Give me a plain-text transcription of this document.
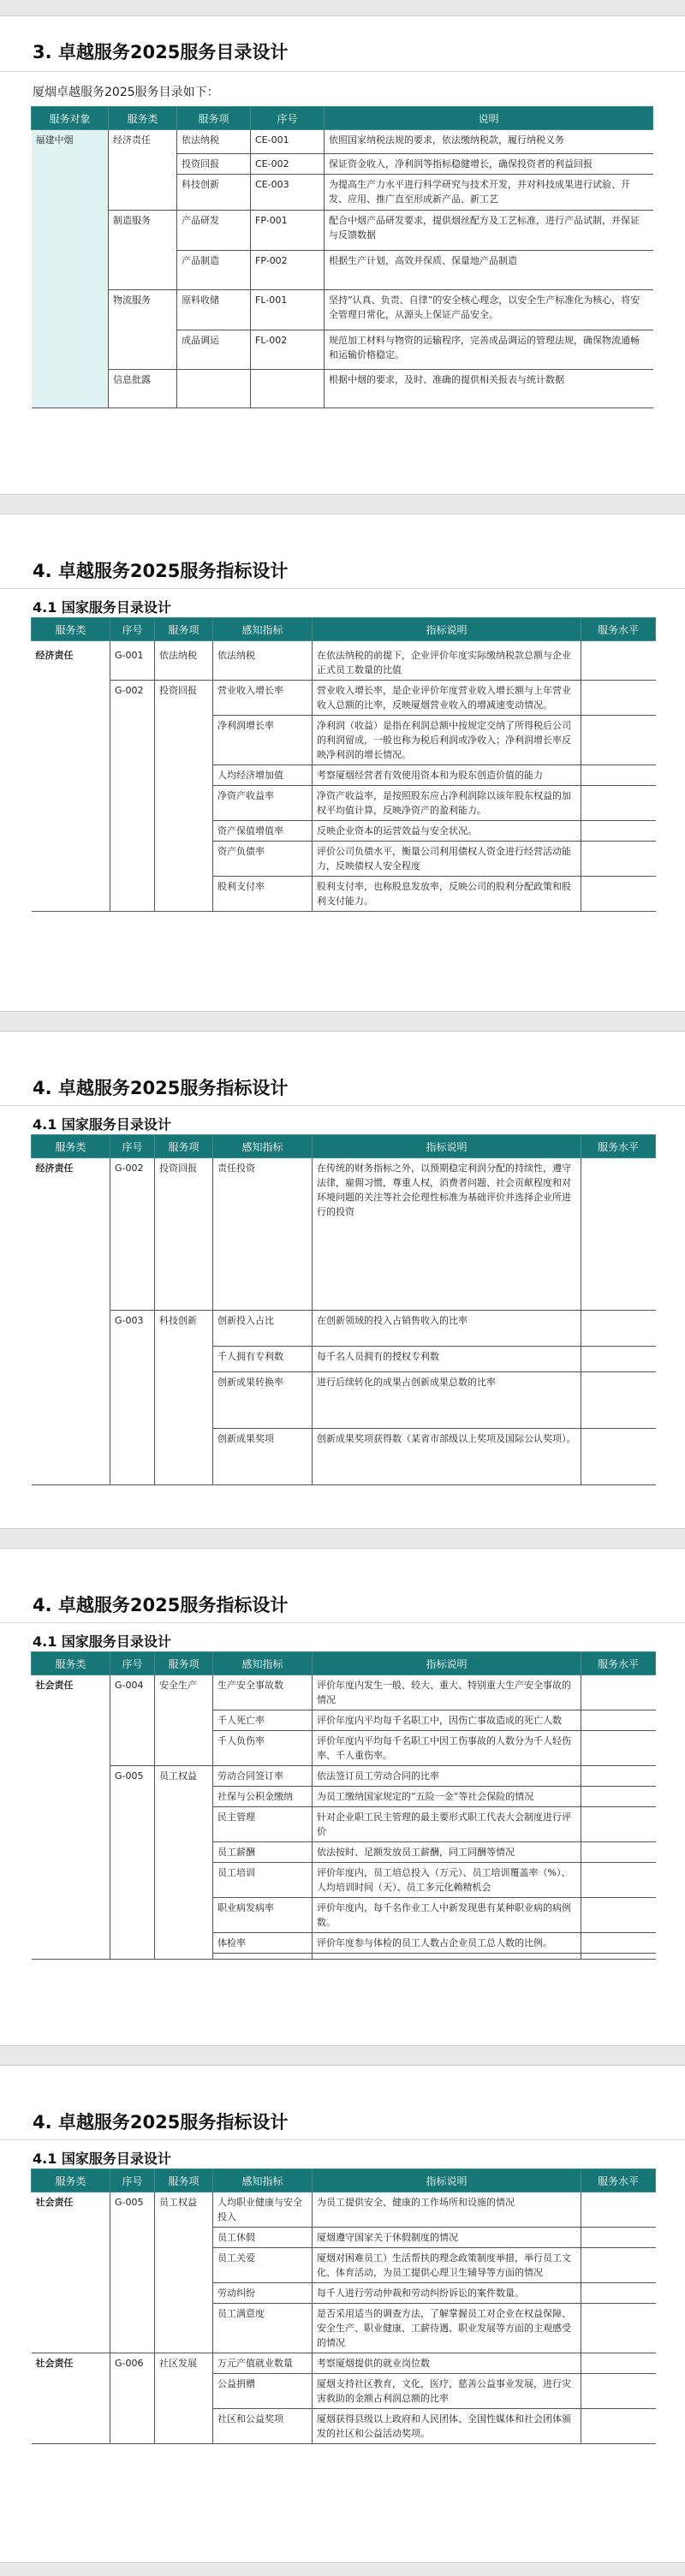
3. 卓越服务2025服务目录设计
厦烟卓越服务2025服务目录如下：
服务对象	服务类	服务项	序号	说明
福建中烟	经济责任	依法纳税	CE-001	依照国家纳税法规的要求，依法缴纳税款，履行纳税义务
		投资回报	CE-002	保证资金收入，净利润等指标稳健增长，确保投资者的利益回报
		科技创新	CE-003	为提高生产力水平进行科学研究与技术开发，并对科技成果进行试验、开发、应用、推广直至形成新产品、新工艺
	制造服务	产品研发	FP-001	配合中烟产品研发要求，提供烟丝配方及工艺标准，进行产品试制，并保证与反馈数据
		产品制造	FP-002	根据生产计划，高效并保质、保量地产品制造
	物流服务	原料收储	FL-001	坚持“认真、负责、自律”的安全核心理念，以安全生产标准化为核心，将安全管理日常化，从源头上保证产品安全。
		成品调运	FL-002	规范加工材料与物资的运输程序，完善成品调运的管理法规，确保物流通畅和运输价格稳定。
	信息批露			根据中烟的要求，及时、准确的提供相关报表与统计数据

4. 卓越服务2025服务指标设计
4.1 国家服务目录设计
服务类	序号	服务项	感知指标	指标说明	服务水平
经济责任	G-001	依法纳税	依法纳税	在依法纳税的前提下，企业评价年度实际缴纳税款总额与企业正式员工数量的比值	
	G-002	投资回报	营业收入增长率	营业收入增长率，是企业评价年度营业收入增长额与上年营业收入总额的比率，反映厦烟营业收入的增减速变动情况。	
			净利润增长率	净利润（收益）是指在利润总额中按规定交纳了所得税后公司的利润留成，一般也称为税后利润或净收入；净利润增长率反映净利润的增长情况。	
			人均经济增加值	考察厦烟经营者有效使用资本和为股东创造价值的能力	
			净资产收益率	净资产收益率，是按照股东应占净利润除以该年股东权益的加权平均值计算，反映净资产的盈利能力。	
			资产保值增值率	反映企业资本的运营效益与安全状况。	
			资产负债率	评价公司负债水平，衡量公司利用债权人资金进行经营活动能力，反映债权人安全程度	
			股利支付率	股利支付率，也称股息发放率，反映公司的股利分配政策和股利支付能力。	
4. 卓越服务2025服务指标设计
4.1 国家服务目录设计
服务类	序号	服务项	感知指标	指标说明	服务水平
经济责任	G-002	投资回报	责任投资	在传统的财务指标之外，以预期稳定利润分配的持续性，遵守法律，雇佣习惯，尊重人权，消费者问题、社会贡献程度和对环境问题的关注等社会伦理性标准为基础评价并选择企业所进行的投资	
	G-003	科技创新	创新投入占比	在创新领域的投入占销售收入的比率	
			千人拥有专利数	每千名人员拥有的授权专利数	
			创新成果转换率	进行后续转化的成果占创新成果总数的比率	
			创新成果奖项	创新成果奖项获得数（某省市部级以上奖项及国际公认奖项）。	
4. 卓越服务2025服务指标设计
4.1 国家服务目录设计
服务类	序号	服务项	感知指标	指标说明	服务水平
社会责任	G-004	安全生产	生产安全事故数	评价年度内发生一般、较大、重大、特别重大生产安全事故的情况	
			千人死亡率	评价年度内平均每千名职工中，因伤亡事故造成的死亡人数	
			千人负伤率	评价年度内平均每千名职工中因工伤事故的人数分为千人轻伤率、千人重伤率。	
	G-005	员工权益	劳动合同签订率	依法签订员工劳动合同的比率	
			社保与公积金缴纳	为员工缴纳国家规定的“五险一金”等社会保险的情况	
			民主管理	针对企业职工民主管理的最主要形式职工代表大会制度进行评价	
			员工薪酬	依法按时、足额发放员工薪酬，同工同酬等情况	
			员工培训	评价年度内，员工培总投入（万元）、员工培训覆盖率（%）、人均培训时间（天）、员工多元化赖精机会	
			职业病发病率	评价年度内，每千名作业工人中新发现患有某种职业病的病例数。	
			体检率	评价年度参与体检的员工人数占企业员工总人数的比例。	

4. 卓越服务2025服务指标设计
4.1 国家服务目录设计
服务类	序号	服务项	感知指标	指标说明	服务水平
社会责任	G-005	员工权益	人均职业健康与安全投入	为员工提供安全、健康的工作场所和设施的情况	
			员工休假	厦烟遵守国家关于休假制度的情况	
			员工关爱	厦烟对困难员工）生活帮扶的理念政策制度举措，举行员工文化、体育活动，为员工提供心理卫生辅导等方面的情况	
			劳动纠纷	每千人进行劳动仲裁和劳动纠纷诉讼的案件数量。	
			员工满意度	是否采用适当的调查方法，了解掌握员工对企业在权益保障、安全生产、职业健康、工薪待遇、职业发展等方面的主观感受的情况	
社会责任	G-006	社区发展	万元产值就业数量	考察厦烟提供的就业岗位数	
			公益捐赠	厦烟支持社区教育，文化，医疗，慈善公益事业发展，进行灾害救助的金额占利润总额的比率	
			社区和公益奖项	厦烟获得县级以上政府和人民团体、全国性媒体和社会团体颁发的社区和公益活动奖项。	
